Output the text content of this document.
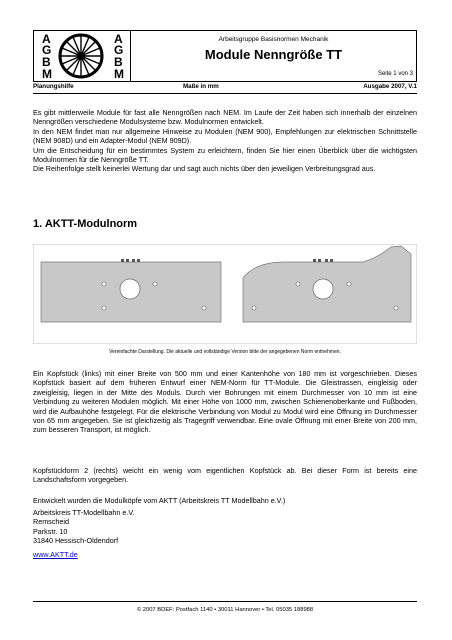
A
G
B
M
A
G
B
M
Arbeitsgruppe Basisnormen Mechanik
Module Nenngröße TT
Seite 1 von 3
Planungshilfe	Maße in mm	Ausgabe 2007, V.1

Es gibt mittlerweile Module für fast alle Nenngrößen nach NEM. Im Laufe der Zeit haben sich innerhalb der einzelnen Nenngrößen verschiedene Modulsysteme bzw. Modulnormen entwickelt.

In den NEM findet man nur allgemeine Hinweise zu Modulen (NEM 900), Empfehlungen zur elektrischen Schnittstelle (NEM 908D) und ein Adapter-Modul (NEM 909D).

Um die Entscheidung für ein bestimmtes System zu erleichtern, finden Sie hier einen Überblick über die wichtigsten Modulnormen für die Nenngröße TT.

Die Reihenfolge stellt keinerlei Wertung dar und sagt auch nichts über den jeweiligen Verbreitungsgrad aus.

1. AKTT-Modulnorm
Vereinfachte Darstellung. Die aktuelle und vollständige Version bitte der angegebenen Norm entnehmen.

Ein Kopfstück (links) mit einer Breite von 500 mm und einer Kantenhöhe von 180 mm ist vorgeschrieben. Dieses Kopfstück basiert auf dem früheren Entwurf einer NEM-Norm für TT-Module. Die Gleistrassen, eingleisig oder zweigleisig, liegen in der Mitte des Moduls. Durch vier Bohrungen mit einem Durchmesser von 10 mm ist eine Verbindung zu weiteren Modulen möglich. Mit einer Höhe von 1000 mm, zwischen Schienenoberkante und Fußboden, wird die Aufbauhöhe festgelegt. Für die elektrische Verbindung von Modul zu Modul wird eine Öffnung im Durchmesser von 65 mm angegeben. Sie ist gleichzeitig als Tragegriff verwendbar. Eine ovale Öffnung mit einer Breite von 200 mm, zum besseren Transport, ist möglich.

Kopfstückform 2 (rechts) weicht ein wenig vom eigentlichen Kopfstück ab. Bei dieser Form ist bereits eine Landschaftsform vorgegeben.

Entwickelt wurden die Modulköpfe vom AKTT (Arbeitskreis TT Modellbahn e.V.)

Arbeitskreis TT-Modellbahn e.V.
Remscheid
Parkstr. 10
31840 Hessisch-Oldendorf
www.AKTT.de
© 2007 BDEF: Postfach 1140 • 30011 Hannover • Tel. 05035 188988
